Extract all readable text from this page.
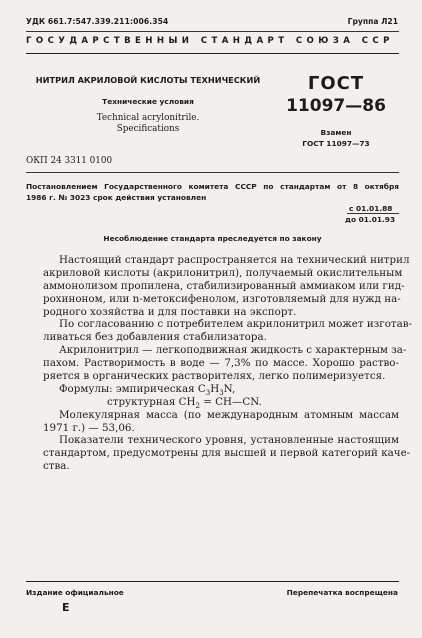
УДК 661.7:547.339.211:006.354	Группа Л21
ГОСУДАРСТВЕННЫЙ СТАНДАРТ СОЮЗА ССР
НИТРИЛ АКРИЛОВОЙ КИСЛОТЫ ТЕХНИЧЕСКИЙ
Технические условия
Technical acrylonitrile.
Specifications
ГОСТ
11097—86
Взамен
ГОСТ 11097—73
ОКП 24 3311 0100
Постановлением Государственного комитета СССР по стандартам от 8 октября
1986 г. № 3023 срок действия установлен
с 01.01.88
до 01.01.93
Несоблюдение стандарта преследуется по закону
Настоящий стандарт распространяется на технический нитрил
акриловой кислоты (акрилонитрил), получаемый окислительным
аммонолизом пропилена, стабилизированный аммиаком или гид-
рохиноном, или n-метоксифенолом, изготовляемый для нужд на-
родного хозяйства и для поставки на экспорт.
По согласованию с потребителем акрилонитрил может изготав-
ливаться без добавления стабилизатора.
Акрилонитрил — легкоподвижная жидкость с характерным за-
пахом. Растворимость в воде — 7,3% по массе. Хорошо раство-
ряется в органических растворителях, легко полимеризуется.
Формулы: эмпирическая $C_3H_3N$,
структурная $CH_2$ = CH—CN.
Молекулярная масса (по международным атомным массам
1971 г.) — 53,06.
Показатели технического уровня, установленные настоящим
стандартом, предусмотрены для высшей и первой категорий каче-
ства.
Издание официальное	Перепечатка воспрещена
Е
